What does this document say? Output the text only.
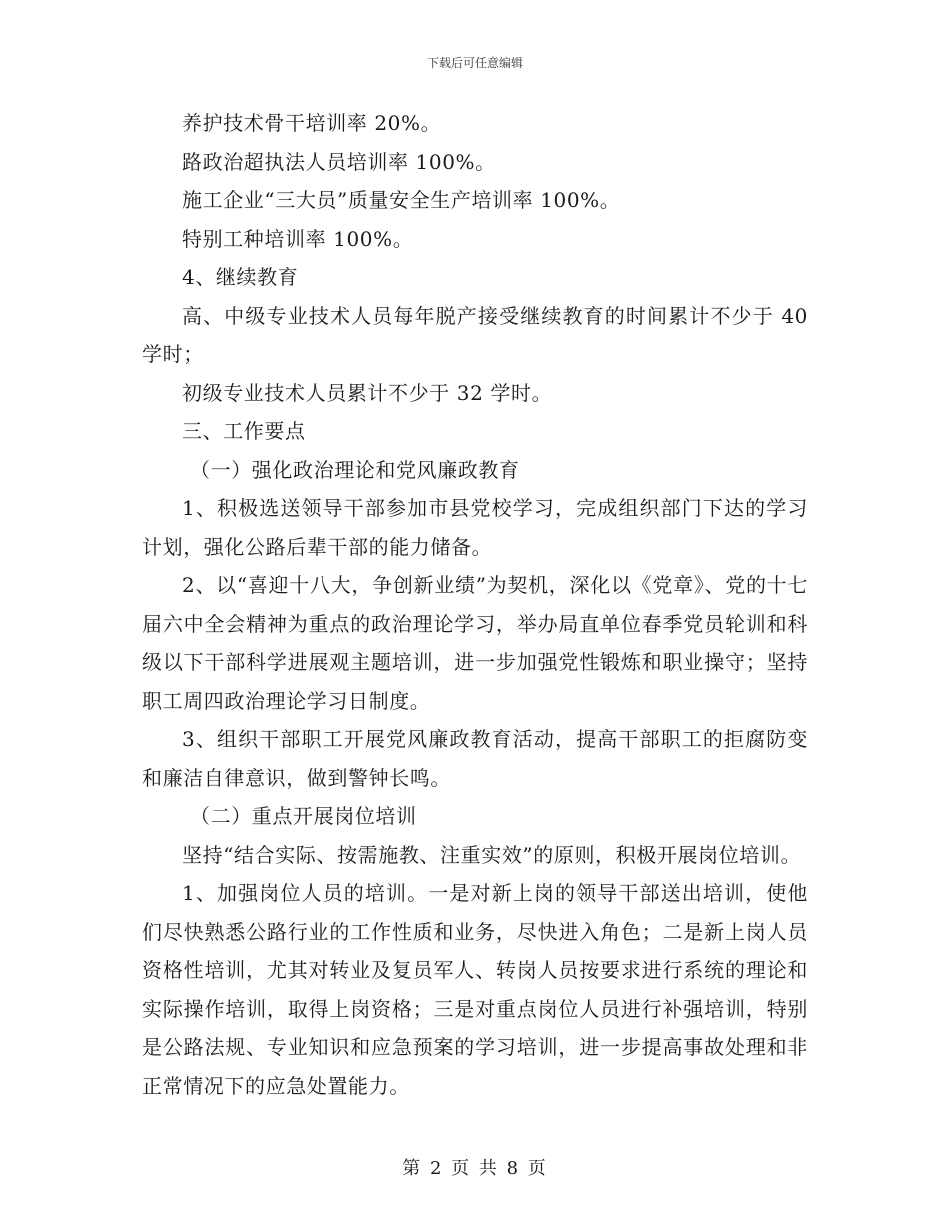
下载后可任意编辑

养护技术骨干培训率 20%。

路政治超执法人员培训率 100%。

施工企业“三大员”质量安全生产培训率 100%。

特别工种培训率 100%。

4、继续教育

高、中级专业技术人员每年脱产接受继续教育的时间累计不少于 40 学时；

初级专业技术人员累计不少于 32 学时。

三、工作要点

（一）强化政治理论和党风廉政教育

1、积极选送领导干部参加市县党校学习，完成组织部门下达的学习计划，强化公路后辈干部的能力储备。

2、以“喜迎十八大，争创新业绩”为契机，深化以《党章》、党的十七届六中全会精神为重点的政治理论学习，举办局直单位春季党员轮训和科级以下干部科学进展观主题培训，进一步加强党性锻炼和职业操守；坚持职工周四政治理论学习日制度。

3、组织干部职工开展党风廉政教育活动，提高干部职工的拒腐防变和廉洁自律意识，做到警钟长鸣。

（二）重点开展岗位培训

坚持“结合实际、按需施教、注重实效”的原则，积极开展岗位培训。

1、加强岗位人员的培训。一是对新上岗的领导干部送出培训，使他们尽快熟悉公路行业的工作性质和业务，尽快进入角色；二是新上岗人员资格性培训，尤其对转业及复员军人、转岗人员按要求进行系统的理论和实际操作培训，取得上岗资格；三是对重点岗位人员进行补强培训，特别是公路法规、专业知识和应急预案的学习培训，进一步提高事故处理和非正常情况下的应急处置能力。

第 2 页 共 8 页
